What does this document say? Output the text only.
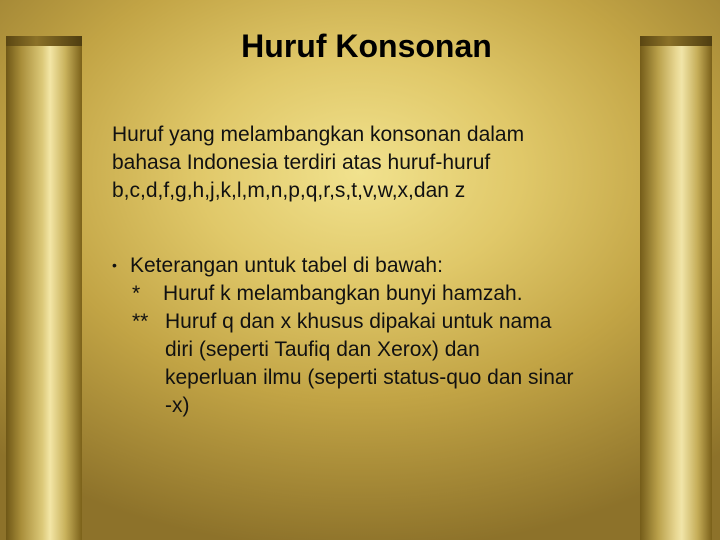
Huruf Konsonan

Huruf yang melambangkan konsonan dalam
bahasa Indonesia terdiri atas huruf-huruf
b,c,d,f,g,h,j,k,l,m,n,p,q,r,s,t,v,w,x,dan z

• Keterangan untuk tabel di bawah:
* Huruf k melambangkan bunyi hamzah.
** Huruf q dan x khusus dipakai untuk nama
diri (seperti Taufiq dan Xerox) dan
keperluan ilmu (seperti status-quo dan sinar
-x)
